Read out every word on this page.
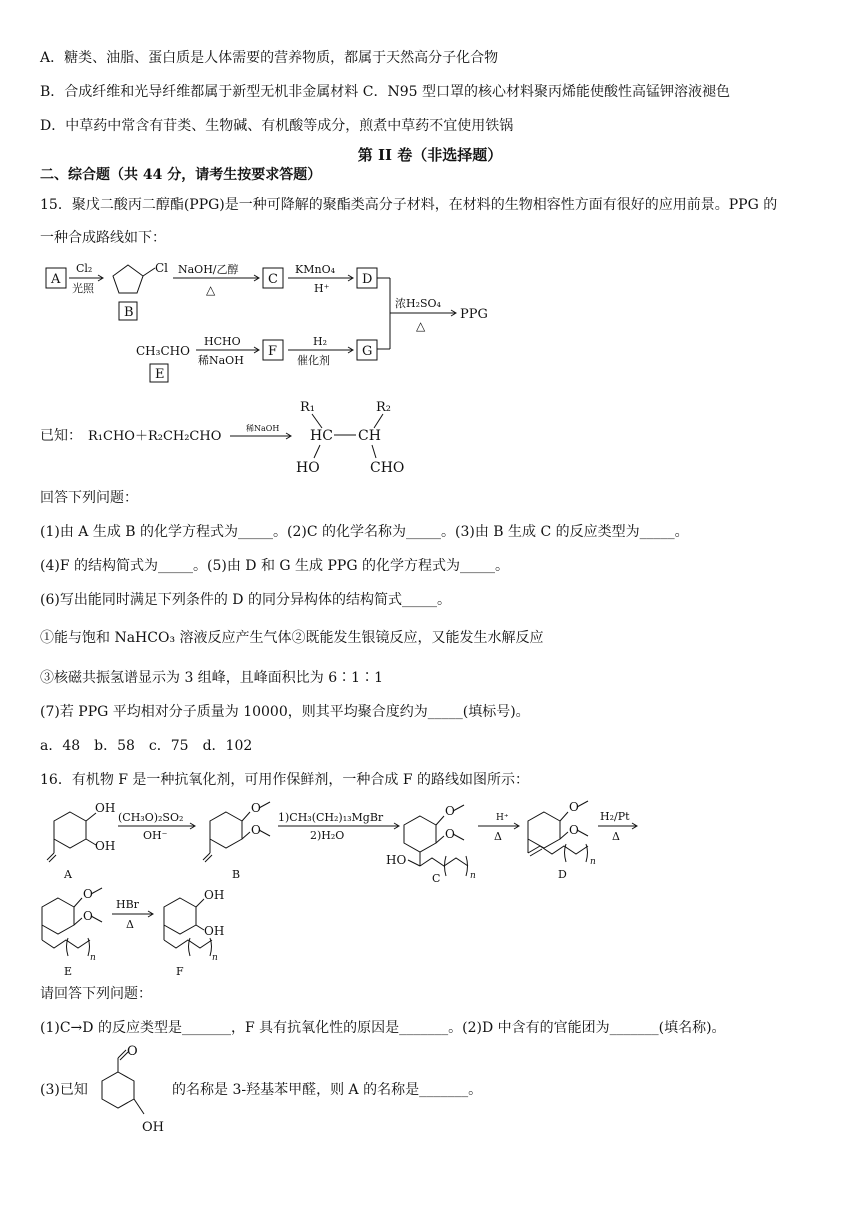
A．糖类、油脂、蛋白质是人体需要的营养物质，都属于天然高分子化合物
B．合成纤维和光导纤维都属于新型无机非金属材料 C．N95 型口罩的核心材料聚丙烯能使酸性高锰钾溶液褪色
D．中草药中常含有苷类、生物碱、有机酸等成分，煎煮中草药不宜使用铁锅
第 II 卷（非选择题）
二、综合题（共 44 分，请考生按要求答题）
15．聚戊二酸丙二醇酯(PPG)是一种可降解的聚酯类高分子材料，在材料的生物相容性方面有很好的应用前景。PPG 的
一种合成路线如下：
A
Cl₂
光照
Cl
B
NaOH/乙醇
△
C
KMnO₄
H⁺
D
浓H₂SO₄
△
PPG
CH₃CHO
E
HCHO
稀NaOH
F
H₂
催化剂
G
已知： R₁CHO＋R₂CH₂CHO
稀NaOH
R₁	R₂
HC CH
HO	CHO
回答下列问题：
(1)由 A 生成 B 的化学方程式为_____。(2)C 的化学名称为_____。(3)由 B 生成 C 的反应类型为_____。
(4)F 的结构简式为_____。(5)由 D 和 G 生成 PPG 的化学方程式为_____。
(6)写出能同时满足下列条件的 D 的同分异构体的结构简式_____。
①能与饱和 NaHCO₃ 溶液反应产生气体②既能发生银镜反应，又能发生水解反应
③核磁共振氢谱显示为 3 组峰，且峰面积比为 6∶1∶1
(7)若 PPG 平均相对分子质量为 10000，则其平均聚合度约为_____(填标号)。
a．48　b．58　c．75　d．102
16．有机物 F 是一种抗氧化剂，可用作保鲜剂，一种合成 F 的路线如图所示：
OH
OH
A
(CH₃O)₂SO₂
OH⁻
O
O
B
1)CH₃(CH₂)₁₃MgBr
2)H₂O
O
O
HO
n
C
H⁺
Δ
O
O
n
D
H₂/Pt
Δ
O
O
n
E
HBr
Δ
OH
OH
n
F
请回答下列问题：
(1)C→D 的反应类型是_______，F 具有抗氧化性的原因是_______。(2)D 中含有的官能团为_______(填名称)。
(3)已知
O
OH
的名称是 3-羟基苯甲醛，则 A 的名称是_______。
